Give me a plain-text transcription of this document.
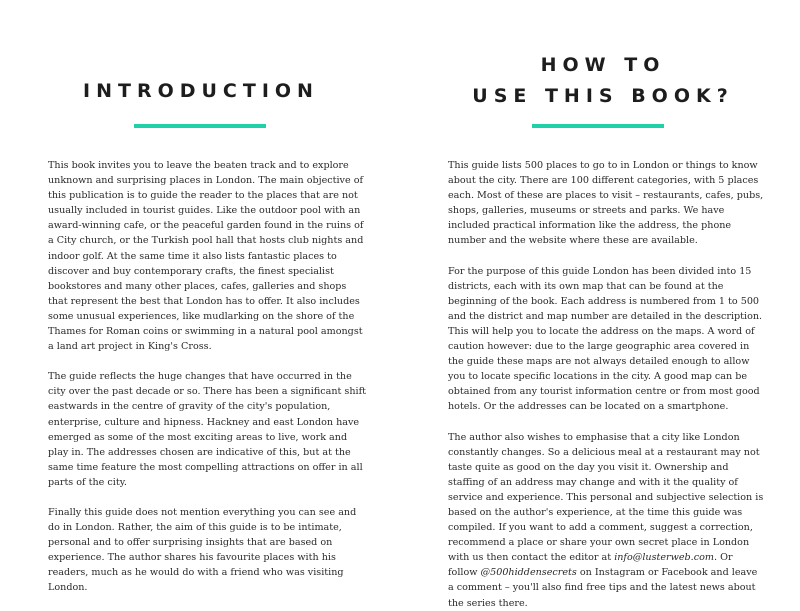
INTRODUCTION

This book invites you to leave the beaten track and to explore unknown and surprising places in London. The main objective of this publication is to guide the reader to the places that are not usually included in tourist guides. Like the outdoor pool with an award-winning cafe, or the peaceful garden found in the ruins of a City church, or the Turkish pool hall that hosts club nights and indoor golf. At the same time it also lists fantastic places to discover and buy contemporary crafts, the finest specialist bookstores and many other places, cafes, galleries and shops that represent the best that London has to offer. It also includes some unusual experiences, like mudlarking on the shore of the Thames for Roman coins or swimming in a natural pool amongst a land art project in King's Cross.

The guide reflects the huge changes that have occurred in the city over the past decade or so. There has been a significant shift eastwards in the centre of gravity of the city's population, enterprise, culture and hipness. Hackney and east London have emerged as some of the most exciting areas to live, work and play in. The addresses chosen are indicative of this, but at the same time feature the most compelling attractions on offer in all parts of the city.

Finally this guide does not mention everything you can see and do in London. Rather, the aim of this guide is to be intimate, personal and to offer surprising insights that are based on experience. The author shares his favourite places with his readers, much as he would do with a friend who was visiting London.

HOW TO
USE THIS BOOK?

This guide lists 500 places to go to in London or things to know about the city. There are 100 different categories, with 5 places each. Most of these are places to visit – restaurants, cafes, pubs, shops, galleries, museums or streets and parks. We have included practical information like the address, the phone number and the website where these are available.

For the purpose of this guide London has been divided into 15 districts, each with its own map that can be found at the beginning of the book. Each address is numbered from 1 to 500 and the district and map number are detailed in the description. This will help you to locate the address on the maps. A word of caution however: due to the large geographic area covered in the guide these maps are not always detailed enough to allow you to locate specific locations in the city. A good map can be obtained from any tourist information centre or from most good hotels. Or the addresses can be located on a smartphone.

The author also wishes to emphasise that a city like London constantly changes. So a delicious meal at a restaurant may not taste quite as good on the day you visit it. Ownership and staffing of an address may change and with it the quality of service and experience. This personal and subjective selection is based on the author's experience, at the time this guide was compiled. If you want to add a comment, suggest a correction, recommend a place or share your own secret place in London with us then contact the editor at info@lusterweb.com. Or follow @500hiddensecrets on Instagram or Facebook and leave a comment – you'll also find free tips and the latest news about the series there.
